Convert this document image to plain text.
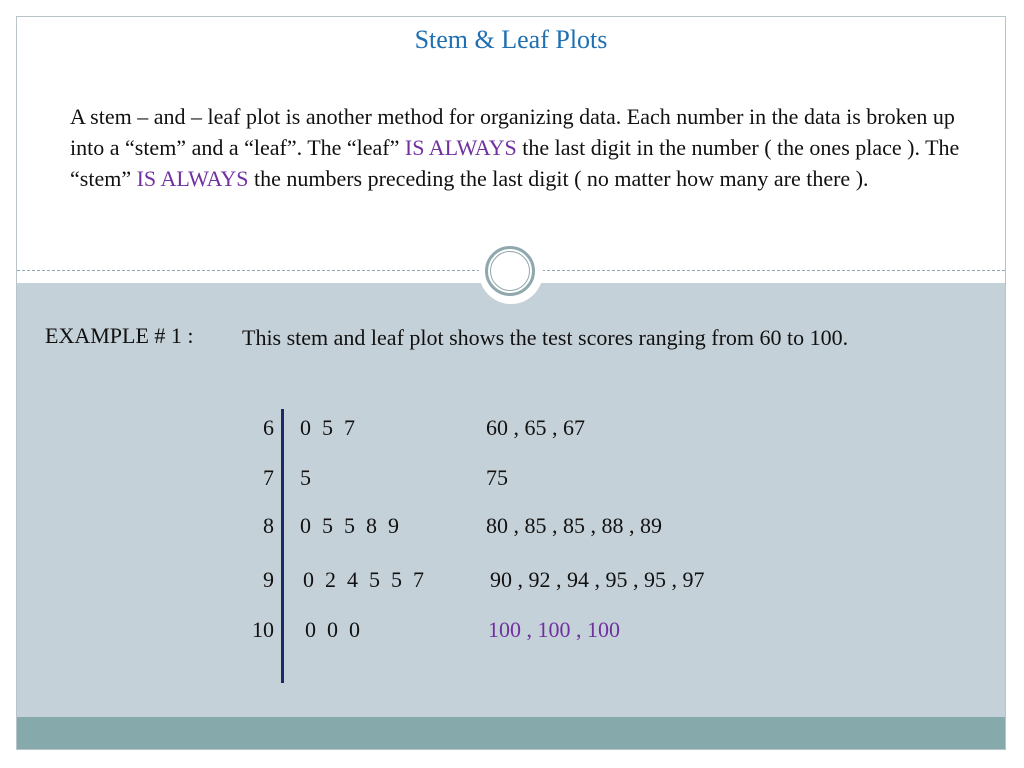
Stem & Leaf Plots

A stem – and – leaf plot is another method for organizing data. Each number in the data is broken up into a “stem” and a “leaf”. The “leaf” IS ALWAYS the last digit in the number ( the ones place ). The “stem” IS ALWAYS the numbers preceding the last digit ( no matter how many are there ).

EXAMPLE # 1 : This stem and leaf plot shows the test scores ranging from 60 to 100.
6 0  5  7	60 , 65 , 67
7 5	75
8 0  5  5  8  9	80 , 85 , 85 , 88 , 89
9 0  2  4  5  5  7	90 , 92 , 94 , 95 , 95 , 97
10 0  0  0	100 , 100 , 100
